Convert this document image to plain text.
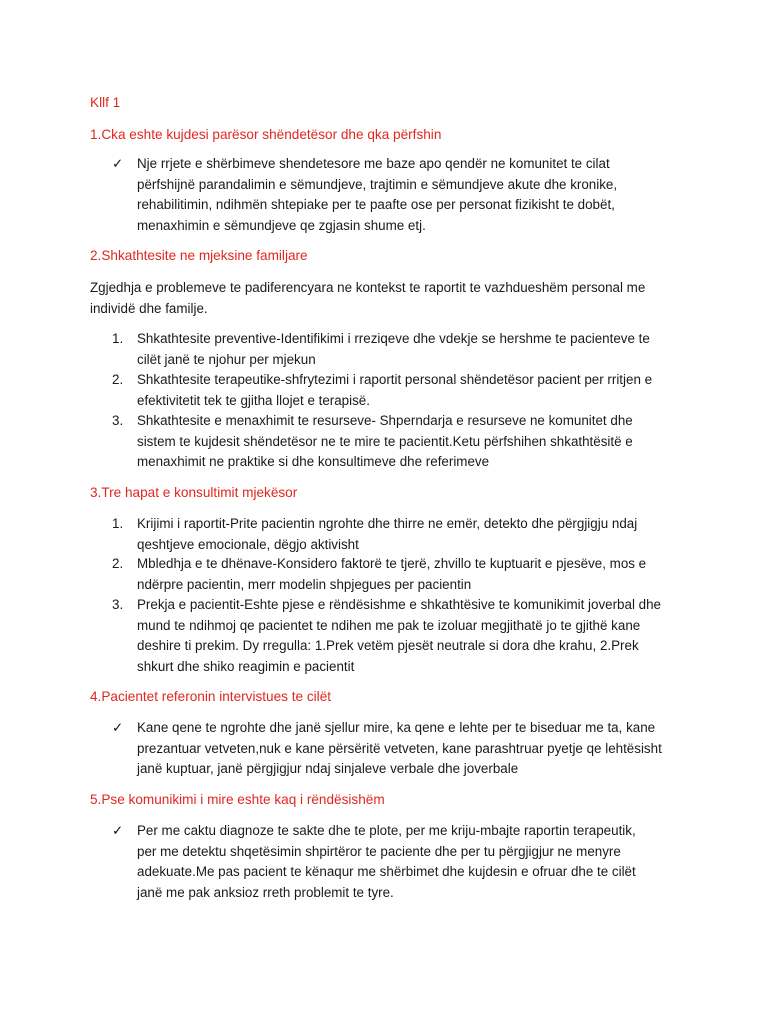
Kllf 1
1.Cka eshte kujdesi parësor shëndetësor dhe qka përfshin
✓ Nje rrjete e shërbimeve shendetesore me baze apo qendër ne komunitet te cilat
përfshijnë parandalimin e sëmundjeve, trajtimin e sëmundjeve akute dhe kronike,
rehabilitimin, ndihmën shtepiake per te paafte ose per personat fizikisht te dobët,
menaxhimin e sëmundjeve qe zgjasin shume etj.
2.Shkathtesite ne mjeksine familjare
Zgjedhja e problemeve te padiferencyara ne kontekst te raportit te vazhdueshëm personal me
individë dhe familje.
1.	Shkathtesite preventive-Identifikimi i rreziqeve dhe vdekje se hershme te pacienteve te
cilët janë te njohur per mjekun
2.	Shkathtesite terapeutike-shfrytezimi i raportit personal shëndetësor pacient per rritjen e
efektivitetit tek te gjitha llojet e terapisë.
3.	Shkathtesite e menaxhimit te resurseve- Shperndarja e resurseve ne komunitet dhe
sistem te kujdesit shëndetësor ne te mire te pacientit.Ketu përfshihen shkathtësitë e
menaxhimit ne praktike si dhe konsultimeve dhe referimeve
3.Tre hapat e konsultimit mjekësor
1.	Krijimi i raportit-Prite pacientin ngrohte dhe thirre ne emër, detekto dhe përgjigju ndaj
qeshtjeve emocionale, dëgjo aktivisht
2.	Mbledhja e te dhënave-Konsidero faktorë te tjerë, zhvillo te kuptuarit e pjesëve, mos e
ndërpre pacientin, merr modelin shpjegues per pacientin
3.	Prekja e pacientit-Eshte pjese e rëndësishme e shkathtësive te komunikimit joverbal dhe
mund te ndihmoj qe pacientet te ndihen me pak te izoluar megjithatë jo te gjithë kane
deshire ti prekim. Dy rregulla: 1.Prek vetëm pjesët neutrale si dora dhe krahu, 2.Prek
shkurt dhe shiko reagimin e pacientit
4.Pacientet referonin intervistues te cilët
✓ Kane qene te ngrohte dhe janë sjellur mire, ka qene e lehte per te biseduar me ta, kane
prezantuar vetveten,nuk e kane përsëritë vetveten, kane parashtruar pyetje qe lehtësisht
janë kuptuar, janë përgjigjur ndaj sinjaleve verbale dhe joverbale
5.Pse komunikimi i mire eshte kaq i rëndësishëm
✓ Per me caktu diagnoze te sakte dhe te plote, per me kriju-mbajte raportin terapeutik,
per me detektu shqetësimin shpirtëror te paciente dhe per tu përgjigjur ne menyre
adekuate.Me pas pacient te kënaqur me shërbimet dhe kujdesin e ofruar dhe te cilët
janë me pak anksioz rreth problemit te tyre.
